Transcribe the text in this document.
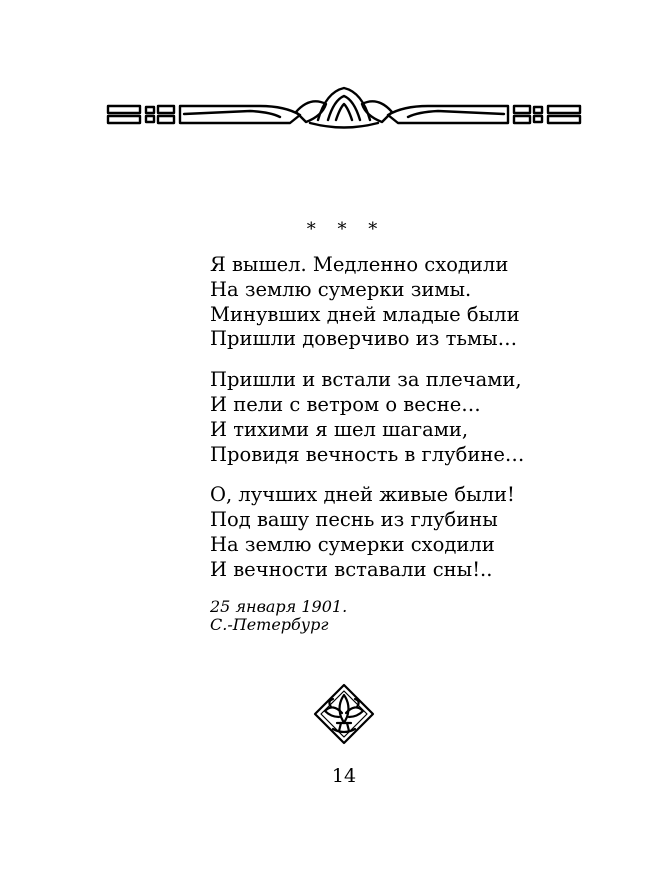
* * *
Я вышел. Медленно сходили
На землю сумерки зимы.
Минувших дней младые были
Пришли доверчиво из тьмы…
Пришли и встали за плечами,
И пели с ветром о весне…
И тихими я шел шагами,
Провидя вечность в глубине…
О, лучших дней живые были!
Под вашу песнь из глубины
На землю сумерки сходили
И вечности вставали сны!..
25 января 1901.
С.-Петербург
14
